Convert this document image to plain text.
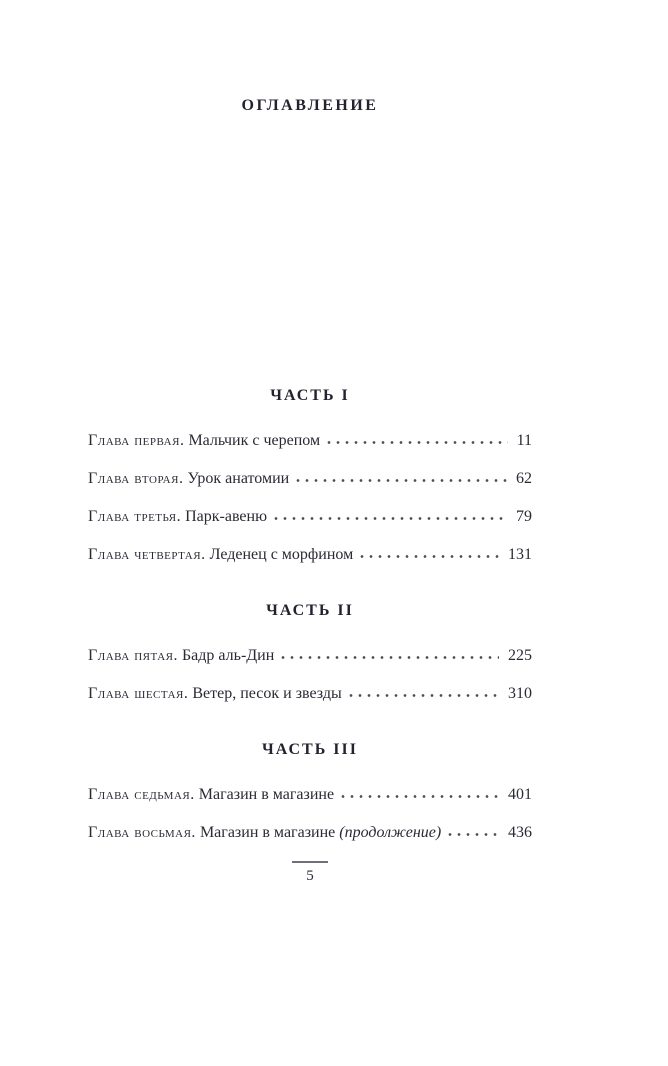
ОГЛАВЛЕНИЕ
ЧАСТЬ I
Глава первая. Мальчик с черепом	11
Глава вторая. Урок анатомии	62
Глава третья. Парк-авеню	79
Глава четвертая. Леденец с морфином	131
ЧАСТЬ II
Глава пятая. Бадр аль-Дин	225
Глава шестая. Ветер, песок и звезды	310
ЧАСТЬ III
Глава седьмая. Магазин в магазине	401
Глава восьмая. Магазин в магазине (продолжение)	436
5
